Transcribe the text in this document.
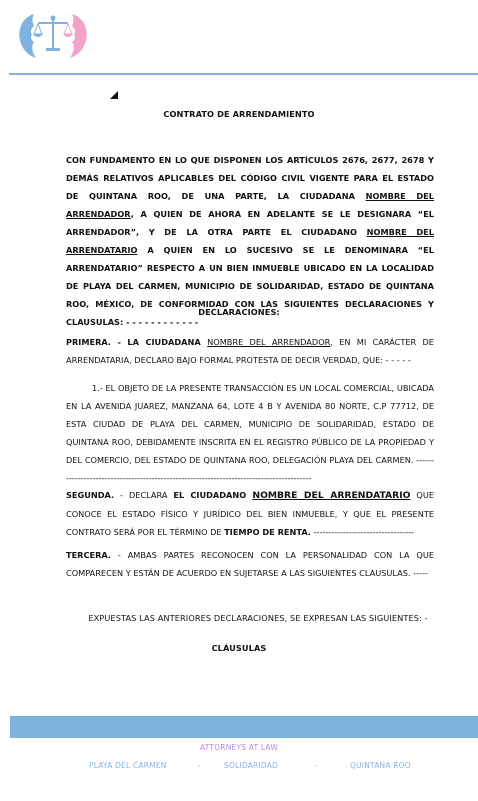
CONTRATO DE ARRENDAMIENTO
CON FUNDAMENTO EN LO QUE DISPONEN LOS ARTÍCULOS 2676, 2677, 2678 Y DEMÁS RELATIVOS APLICABLES DEL CÓDIGO CIVIL VIGENTE PARA EL ESTADO DE QUINTANA ROO, DE UNA PARTE, LA CIUDADANA NOMBRE DEL ARRENDADOR, A QUIEN DE AHORA EN ADELANTE SE LE DESIGNARA “EL ARRENDADOR”, Y DE LA OTRA PARTE EL CIUDADANO NOMBRE DEL ARRENDATARIO A QUIEN EN LO SUCESIVO SE LE DENOMINARA “EL ARRENDATARIO” RESPECTO A UN BIEN INMUEBLE UBICADO EN LA LOCALIDAD DE PLAYA DEL CARMEN, MUNICIPIO DE SOLIDARIDAD, ESTADO DE QUINTANA ROO, MÉXICO, DE CONFORMIDAD CON LAS SIGUIENTES DECLARACIONES Y CLAUSULAS: - - - - - - - - - - - -
DECLARACIONES:
PRIMERA. - LA CIUDADANA NOMBRE DEL ARRENDADOR, EN MI CARÁCTER DE ARRENDATARIA, DECLARO BAJO FORMAL PROTESTA DE DECIR VERDAD, QUE: - - - - -
1.- EL OBJETO DE LA PRESENTE TRANSACCIÓN ES UN LOCAL COMERCIAL, UBICADA EN LA AVENIDA JUAREZ, MANZANA 64, LOTE 4 B Y AVENIDA 80 NORTE, C.P 77712, DE ESTA CIUDAD DE PLAYA DEL CARMEN, MUNICIPIO DE SOLIDARIDAD, ESTADO DE QUINTANA ROO, DEBIDAMENTE INSCRITA EN EL REGISTRO PÚBLICO DE LA PROPIEDAD Y DEL COMERCIO, DEL ESTADO DE QUINTANA ROO, DELEGACIÓN PLAYA DEL CARMEN. -----------------------------------------------------------------------------------------
SEGUNDA. - DECLARA EL CIUDADANO NOMBRE DEL ARRENDATARIO QUE CONOCE EL ESTADO FÍSICO Y JURÍDICO DEL BIEN INMUEBLE, Y QUE EL PRESENTE CONTRATO SERÁ POR EL TÉRMINO DE TIEMPO DE RENTA. ----------------------------------
TERCERA. - AMBAS PARTES RECONOCEN CON LA PERSONALIDAD CON LA QUE COMPARECEN Y ESTÁN DE ACUERDO EN SUJETARSE A LAS SIGUIENTES CLAUSULAS. -----
EXPUESTAS LAS ANTERIORES DECLARACIONES, SE EXPRESAN LAS SIGUIENTES: -
CLÁUSULAS
ATTORNEYS AT LAW
PLAYA DEL CARMEN	-	SOLIDARIDAD	-	QUINTANA ROO
